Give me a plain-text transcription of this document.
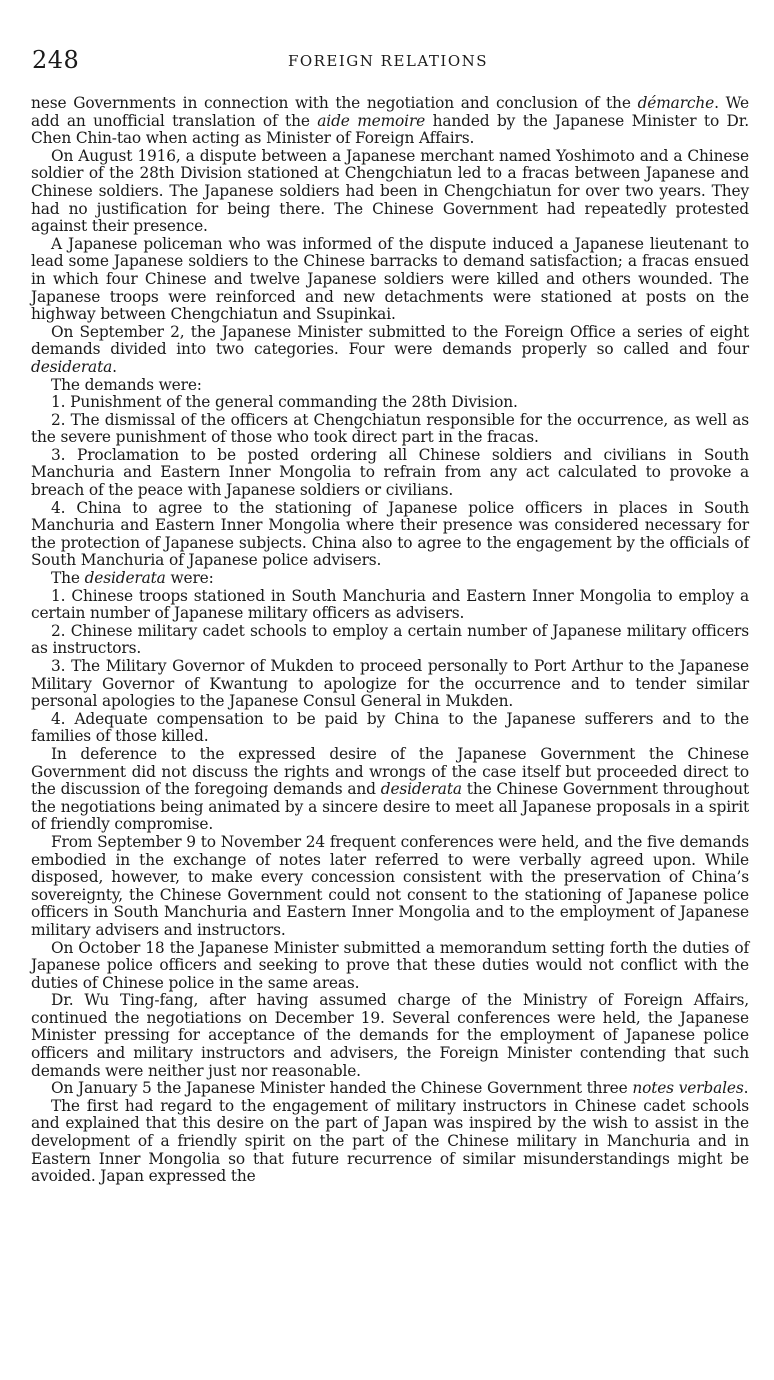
248	FOREIGN RELATIONS

nese Governments in connection with the negotiation and conclusion of the démarche. We add an unofficial translation of the aide memoire handed by the Japanese Minister to Dr. Chen Chin-tao when acting as Minister of Foreign Affairs.

On August 1916, a dispute between a Japanese merchant named Yoshimoto and a Chinese soldier of the 28th Division stationed at Chengchiatun led to a fracas between Japanese and Chinese soldiers. The Japanese soldiers had been in Chengchiatun for over two years. They had no justification for being there. The Chinese Government had repeatedly protested against their presence.

A Japanese policeman who was informed of the dispute induced a Japanese lieutenant to lead some Japanese soldiers to the Chinese barracks to demand satisfaction; a fracas ensued in which four Chinese and twelve Japanese soldiers were killed and others wounded. The Japanese troops were reinforced and new detachments were stationed at posts on the highway between Chengchiatun and Ssupinkai.

On September 2, the Japanese Minister submitted to the Foreign Office a series of eight demands divided into two categories. Four were demands properly so called and four desiderata.

The demands were:

1. Punishment of the general commanding the 28th Division.

2. The dismissal of the officers at Chengchiatun responsible for the occurrence, as well as the severe punishment of those who took direct part in the fracas.

3. Proclamation to be posted ordering all Chinese soldiers and civilians in South Manchuria and Eastern Inner Mongolia to refrain from any act calculated to provoke a breach of the peace with Japanese soldiers or civilians.

4. China to agree to the stationing of Japanese police officers in places in South Manchuria and Eastern Inner Mongolia where their presence was considered necessary for the protection of Japanese subjects. China also to agree to the engagement by the officials of South Manchuria of Japanese police advisers.

The desiderata were:

1. Chinese troops stationed in South Manchuria and Eastern Inner Mongolia to employ a certain number of Japanese military officers as advisers.

2. Chinese military cadet schools to employ a certain number of Japanese military officers as instructors.

3. The Military Governor of Mukden to proceed personally to Port Arthur to the Japanese Military Governor of Kwantung to apologize for the occurrence and to tender similar personal apologies to the Japanese Consul General in Mukden.

4. Adequate compensation to be paid by China to the Japanese sufferers and to the families of those killed.

In deference to the expressed desire of the Japanese Government the Chinese Government did not discuss the rights and wrongs of the case itself but proceeded direct to the discussion of the foregoing demands and desiderata the Chinese Government throughout the negotiations being animated by a sincere desire to meet all Japanese proposals in a spirit of friendly compromise.

From September 9 to November 24 frequent conferences were held, and the five demands embodied in the exchange of notes later referred to were verbally agreed upon. While disposed, however, to make every concession consistent with the preservation of China’s sovereignty, the Chinese Government could not consent to the stationing of Japanese police officers in South Manchuria and Eastern Inner Mongolia and to the employment of Japanese military advisers and instructors.

On October 18 the Japanese Minister submitted a memorandum setting forth the duties of Japanese police officers and seeking to prove that these duties would not conflict with the duties of Chinese police in the same areas.

Dr. Wu Ting-fang, after having assumed charge of the Ministry of Foreign Affairs, continued the negotiations on December 19. Several conferences were held, the Japanese Minister pressing for acceptance of the demands for the employment of Japanese police officers and military instructors and advisers, the Foreign Minister contending that such demands were neither just nor reasonable.

On January 5 the Japanese Minister handed the Chinese Government three notes verbales.

The first had regard to the engagement of military instructors in Chinese cadet schools and explained that this desire on the part of Japan was inspired by the wish to assist in the development of a friendly spirit on the part of the Chinese military in Manchuria and in Eastern Inner Mongolia so that future recurrence of similar misunderstandings might be avoided. Japan expressed the
